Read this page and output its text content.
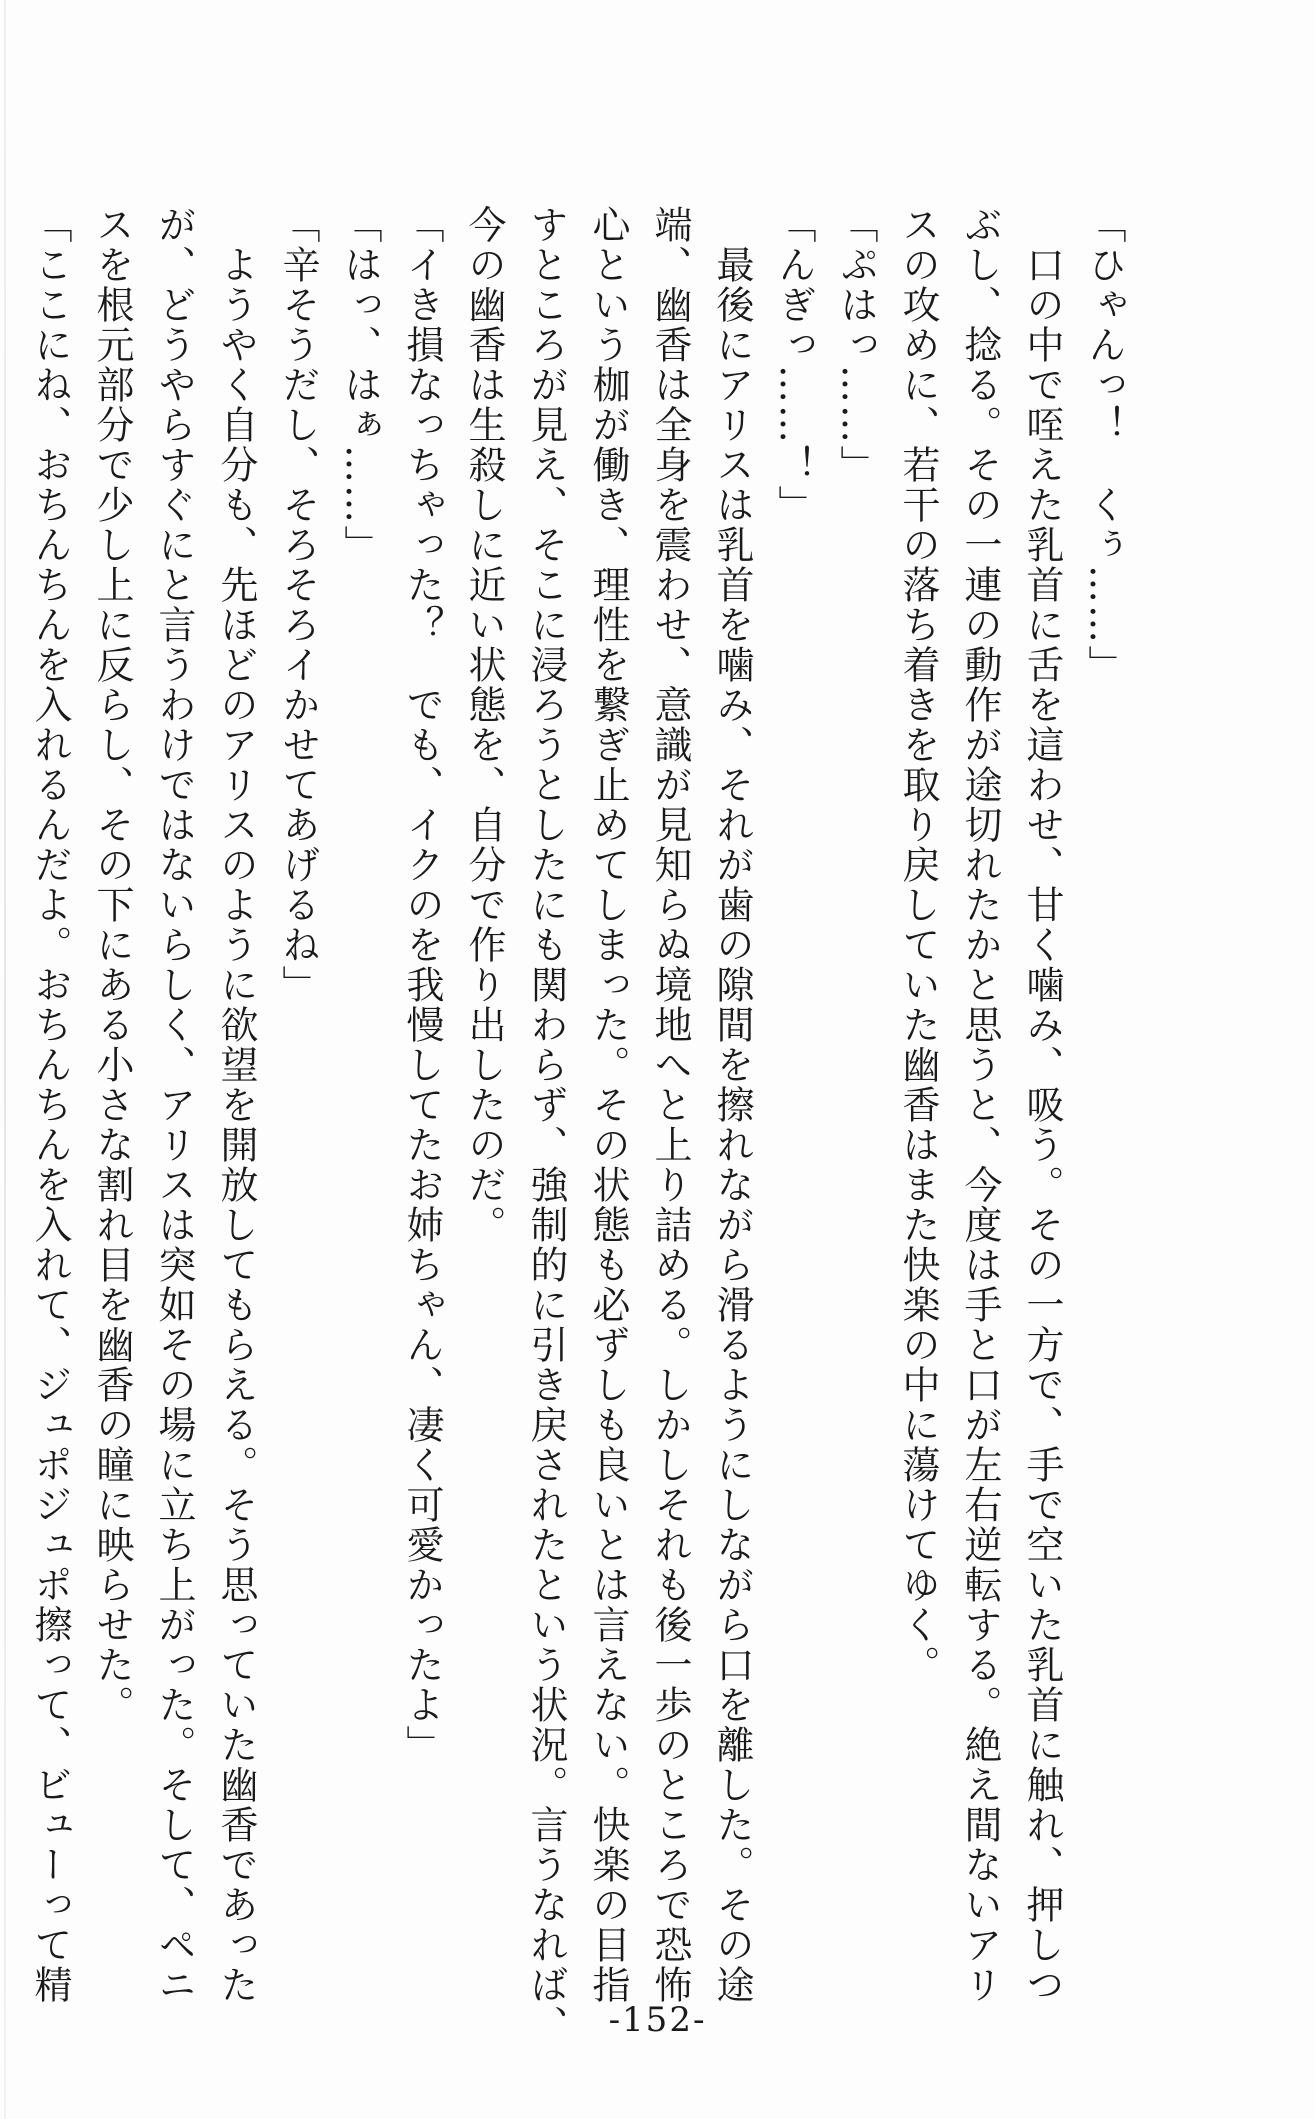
「ひゃんっ！　くぅ……」
　口の中で咥えた乳首に舌を這わせ、甘く噛み、吸う。その一方で、手で空いた乳首に触れ、押しつ
ぶし、捻る。その一連の動作が途切れたかと思うと、今度は手と口が左右逆転する。絶え間ないアリ
スの攻めに、若干の落ち着きを取り戻していた幽香はまた快楽の中に蕩けてゆく。
「ぷはっ……」
「んぎっ……！」
　最後にアリスは乳首を噛み、それが歯の隙間を擦れながら滑るようにしながら口を離した。その途
端、幽香は全身を震わせ、意識が見知らぬ境地へと上り詰める。しかしそれも後一歩のところで恐怖
心という枷が働き、理性を繋ぎ止めてしまった。その状態も必ずしも良いとは言えない。快楽の目指
すところが見え、そこに浸ろうとしたにも関わらず、強制的に引き戻されたという状況。言うなれば、
今の幽香は生殺しに近い状態を、自分で作り出したのだ。
「イき損なっちゃった？　でも、イクのを我慢してたお姉ちゃん、凄く可愛かったよ」
「はっ、はぁ……」
「辛そうだし、そろそろイかせてあげるね」
　ようやく自分も、先ほどのアリスのように欲望を開放してもらえる。そう思っていた幽香であった
が、どうやらすぐにと言うわけではないらしく、アリスは突如その場に立ち上がった。そして、ペニ
スを根元部分で少し上に反らし、その下にある小さな割れ目を幽香の瞳に映らせた。
「ここにね、おちんちんを入れるんだよ。おちんちんを入れて、ジュポジュポ擦って、ビューって精
-152-
